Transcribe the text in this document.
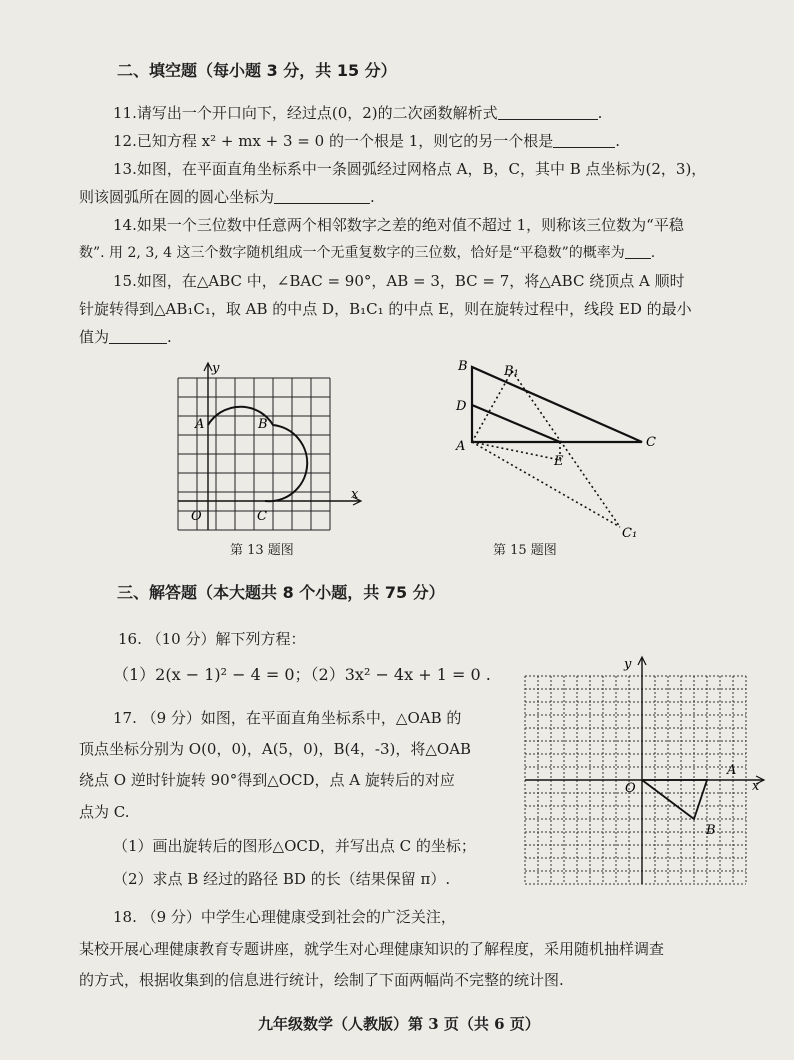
二、填空题（每小题 3 分，共 15 分）
11.请写出一个开口向下，经过点(0，2)的二次函数解析式	.
12.已知方程 x² + mx + 3 = 0 的一个根是 1，则它的另一个根是	.
13.如图，在平面直角坐标系中一条圆弧经过网格点 A，B，C，其中 B 点坐标为(2，3)，
则该圆弧所在圆的圆心坐标为	.
14.如果一个三位数中任意两个相邻数字之差的绝对值不超过 1，则称该三位数为“平稳
数”. 用 2, 3, 4 这三个数字随机组成一个无重复数字的三位数，恰好是“平稳数”的概率为 .
15.如图，在△ABC 中，∠BAC = 90°，AB = 3，BC = 7，将△ABC 绕顶点 A 顺时
针旋转得到△AB₁C₁，取 AB 的中点 D，B₁C₁ 的中点 E，则在旋转过程中，线段 ED 的最小
值为	.
y
x
O
A	B
C
第 13 题图
B	B₁
D
A
E
C
C₁
第 15 题图
三、解答题（本大题共 8 个小题，共 75 分）
16. （10 分）解下列方程：
（1）2(x − 1)² − 4 = 0；（2）3x² − 4x + 1 = 0 .
17. （9 分）如图，在平面直角坐标系中，△OAB 的
顶点坐标分别为 O(0，0)，A(5，0)，B(4，-3)，将△OAB
绕点 O 逆时针旋转 90°得到△OCD，点 A 旋转后的对应
点为 C.
（1）画出旋转后的图形△OCD，并写出点 C 的坐标；
（2）求点 B 经过的路径 BD 的长（结果保留 π）.
y
x
O
A
B
18. （9 分）中学生心理健康受到社会的广泛关注，
某校开展心理健康教育专题讲座，就学生对心理健康知识的了解程度，采用随机抽样调查
的方式，根据收集到的信息进行统计，绘制了下面两幅尚不完整的统计图.
九年级数学（人教版）第 3 页（共 6 页）
